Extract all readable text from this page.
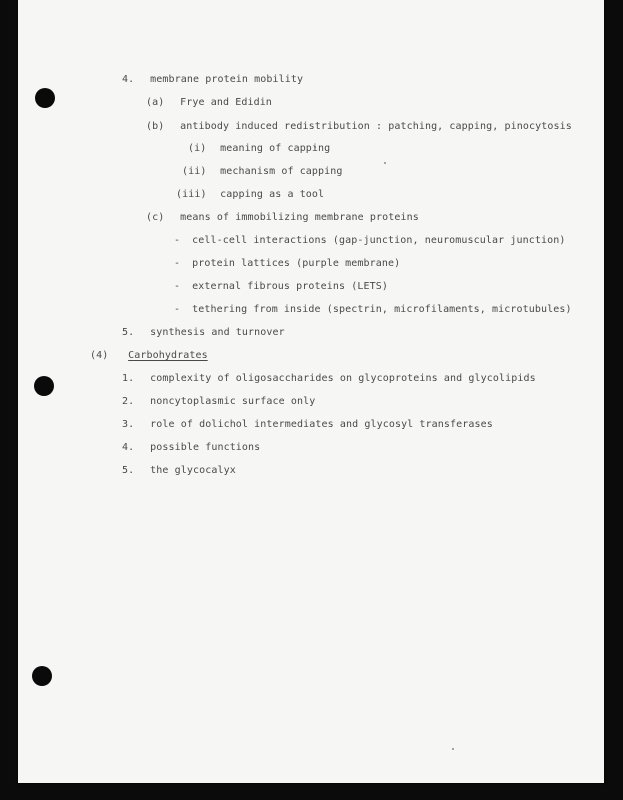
4. membrane protein mobility
(a) Frye and Edidin
(b) antibody induced redistribution : patching, capping, pinocytosis
(i) meaning of capping
(ii) mechanism of capping
(iii) capping as a tool
(c) means of immobilizing membrane proteins
- cell-cell interactions (gap-junction, neuromuscular junction)
- protein lattices (purple membrane)
- external fibrous proteins (LETS)
- tethering from inside (spectrin, microfilaments, microtubules)
5. synthesis and turnover
(4) Carbohydrates
1. complexity of oligosaccharides on glycoproteins and glycolipids
2. noncytoplasmic surface only
3. role of dolichol intermediates and glycosyl transferases
4. possible functions
5. the glycocalyx
